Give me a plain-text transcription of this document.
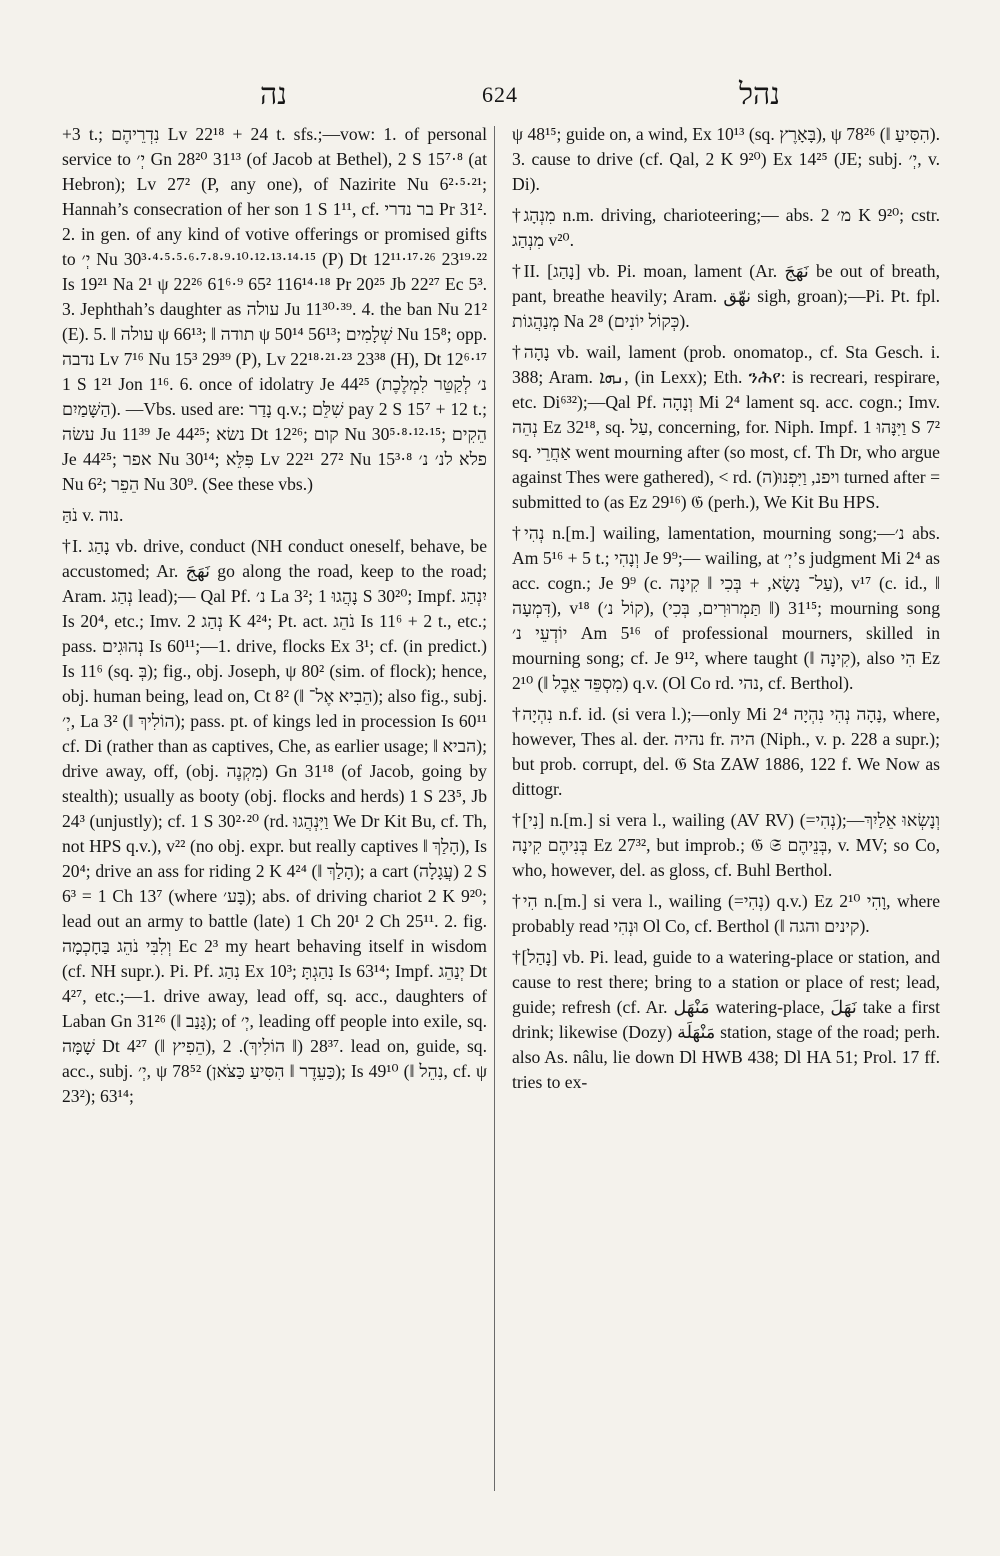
נה	624	נהל

+3 t.; נִדְרֵיהֶם Lv 22¹⁸ + 24 t. sfs.;—vow: 1. of personal service to יְ׳ Gn 28²⁰ 31¹³ (of Jacob at Bethel), 2 S 15⁷·⁸ (at Hebron); Lv 27² (P, any one), of Nazirite Nu 6²·⁵·²¹; Hannah’s consecration of her son 1 S 1¹¹, cf. בר נדרי Pr 31². 2. in gen. of any kind of votive offerings or promised gifts to יְ׳ Nu 30³·⁴·⁵·⁵·⁶·⁷·⁸·⁹·¹⁰·¹²·¹³·¹⁴·¹⁵ (P) Dt 12¹¹·¹⁷·²⁶ 23¹⁹·²² Is 19²¹ Na 2¹ ψ 22²⁶ 61⁶·⁹ 65² 116¹⁴·¹⁸ Pr 20²⁵ Jb 22²⁷ Ec 5³. 3. Jephthah’s daughter as עולה Ju 11³⁰·³⁹. 4. the ban Nu 21² (E). 5. ‖ עולה ψ 66¹³; ‖ תודה ψ 50¹⁴ 56¹³; שְׁלָמִים Nu 15⁸; opp. נדבה Lv 7¹⁶ Nu 15³ 29³⁹ (P), Lv 22¹⁸·²¹·²³ 23³⁸ (H), Dt 12⁶·¹⁷ 1 S 1²¹ Jon 1¹⁶. 6. once of idolatry Je 44²⁵ (נ׳ לְקַטֵּר לִמְלֶכֶת הַשָּׁמַיִם). —Vbs. used are: נָדַר q.v.; שִׁלֵּם pay 2 S 15⁷ + 12 t.; עשׂה Ju 11³⁹ Je 44²⁵; נשׂא Dt 12²⁶; קום Nu 30⁵·⁸·¹²·¹⁵; הֵקִים Je 44²⁵; אפר Nu 30¹⁴; פִּלֵּא Lv 22²¹ 27² Nu 15³·⁸ פלא לנ׳ נ׳ Nu 6²; הֵפֵר Nu 30⁹. (See these vbs.)

נֹהַּ v. נוה.

†I. נָהַג vb. drive, conduct (NH conduct oneself, behave, be accustomed; Ar. نَهَجَ go along the road, keep to the road; Aram. נְהַג lead);— Qal Pf. נ׳ La 3²; נָהֲגוּ 1 S 30²⁰; Impf. יִנְהַג Is 20⁴, etc.; Imv. נְהַג 2 K 4²⁴; Pt. act. נֹהֵג Is 11⁶ + 2 t., etc.; pass. נְהוּגִים Is 60¹¹;—1. drive, flocks Ex 3¹; cf. (in predict.) Is 11⁶ (sq. בְּ); fig., obj. Joseph, ψ 80² (sim. of flock); hence, obj. human being, lead on, Ct 8² (‖ הֵבִיא אֶל־); also fig., subj. יְ׳, La 3² (‖ הוֹלִיךְ); pass. pt. of kings led in procession Is 60¹¹ cf. Di (rather than as captives, Che, as earlier usage; ‖ הביא); drive away, off, (obj. מִקְנֶה) Gn 31¹⁸ (of Jacob, going by stealth); usually as booty (obj. flocks and herds) 1 S 23⁵, Jb 24³ (unjustly); cf. 1 S 30²·²⁰ (rd. וַיִּנְהֲגוּ We Dr Kit Bu, cf. Th, not HPS q.v.), v²² (no obj. expr. but really captives ‖ הָלַךְ), Is 20⁴; drive an ass for riding 2 K 4²⁴ (‖ הָלַךְ); a cart (עֲגָלָה) 2 S 6³ = 1 Ch 13⁷ (where בָּע׳); abs. of driving chariot 2 K 9²⁰; lead out an army to battle (late) 1 Ch 20¹ 2 Ch 25¹¹. 2. fig. וְלִבִּי נֹהֵג בַּחָכְמָה Ec 2³ my heart behaving itself in wisdom (cf. NH supr.). Pi. Pf. נִהַג Ex 10³; נִהַגְתָּ Is 63¹⁴; Impf. יְנַהֵג Dt 4²⁷, etc.;—1. drive away, lead off, sq. acc., daughters of Laban Gn 31²⁶ (‖ גָּנַב); of יְ׳, leading off people into exile, sq. שָׁמָּה Dt 4²⁷ (‖ הֵפִיץ), 28³⁷ (‖ הוֹלִיךְ). 2. lead on, guide, sq. acc., subj. יְ׳, ψ 78⁵² (כַּעֵדֶר ‖ הִסִּיעַ כַּצֹּאן); Is 49¹⁰ (‖ נִהֵל, cf. ψ 23²); 63¹⁴;

ψ 48¹⁵; guide on, a wind, Ex 10¹³ (sq. בָּאָרֶץ), ψ 78²⁶ (‖ הִסִּיעַ). 3. cause to drive (cf. Qal, 2 K 9²⁰) Ex 14²⁵ (JE; subj. יְ׳, v. Di).

†מִנְהָג n.m. driving, charioteering;— abs. מ׳ 2 K 9²⁰; cstr. מִנְהַג v²⁰.

†II. [נָהַג] vb. Pi. moan, lament (Ar. نَهَجَ be out of breath, pant, breathe heavily; Aram. نهّق sigh, groan);—Pi. Pt. fpl. מְנַהֲגוֹת Na 2⁸ (כְּקוֹל יוֹנִים).

†נָהָה vb. wail, lament (prob. onomatop., cf. Sta Gesch. i. 388; Aram. ܢܗܐ, (in Lexx); Eth. ንሕየ: is recreari, respirare, etc. Di⁶³²);—Qal Pf. וְנָהָה Mi 2⁴ lament sq. acc. cogn.; Imv. נְהֵה Ez 32¹⁸, sq. עַל, concerning, for. Niph. Impf. וַיִּנָּהוּ 1 S 7² sq. אַחֲרֵי went mourning after (so most, cf. Th Dr, who argue against Thes were gathered), < rd. (ה)ויפנ, וַיִּפְנוּ turned after = submitted to (as Ez 29¹⁶) 𝔊 (perh.), We Kit Bu HPS.

†נְהִי n.[m.] wailing, lamentation, mourning song;—נ׳ abs. Am 5¹⁶ + 5 t.; וְנָהִי Je 9⁹;— wailing, at יְ׳’s judgment Mi 2⁴ as acc. cogn.; Je 9⁹ (c. עַל־ נָשָׂא, + בְּכִי ‖ קִינָה), v¹⁷ (c. id., ‖ דִּמְעָה), v¹⁸ (קוֹל נ׳), 31¹⁵ (‖ תַּמְרוּרִים, בְּכִי); mourning song יוֹדְעֵי נ׳ Am 5¹⁶ of professional mourners, skilled in mourning song; cf. Je 9¹², where taught (‖ קִינָה), also הִי Ez 2¹⁰ (‖ מִסְפֵּד אֵבֶל) q.v. (Ol Co rd. נהי, cf. Berthol).

†נִהְיָה n.f. id. (si vera l.);—only Mi 2⁴ נָהָה נְהִי נִהְיָה, where, however, Thes al. der. נהיה fr. היה (Niph., v. p. 228 a supr.); but prob. corrupt, del. 𝔊 Sta ZAW 1886, 122 f. We Now as dittogr.

†[נִי] n.[m.] si vera l., wailing (AV RV) (=נְהִי);—וְנָשְׂאוּ אֵלַיִךְ בְּנִיהֶם קִינָה Ez 27³², but improb.; 𝔊 𝔖 בְּנֵיהֶם, v. MV; so Co, who, however, del. as gloss, cf. Buhl Berthol.

†הִי n.[m.] si vera l., wailing (=נְהִי) q.v.) Ez 2¹⁰ וָהִי, where probably read וּנְהִי Ol Co, cf. Berthol (‖ קינים והגה).

†[נָהַל] vb. Pi. lead, guide to a watering-place or station, and cause to rest there; bring to a station or place of rest; lead, guide; refresh (cf. Ar. مَنْهَل watering-place, نَهَلَ take a first drink; likewise (Dozy) مَنْهَلَة station, stage of the road; perh. also As. nâlu, lie down Dl HWB 438; Dl HA 51; Prol. 17 ff. tries to ex-
